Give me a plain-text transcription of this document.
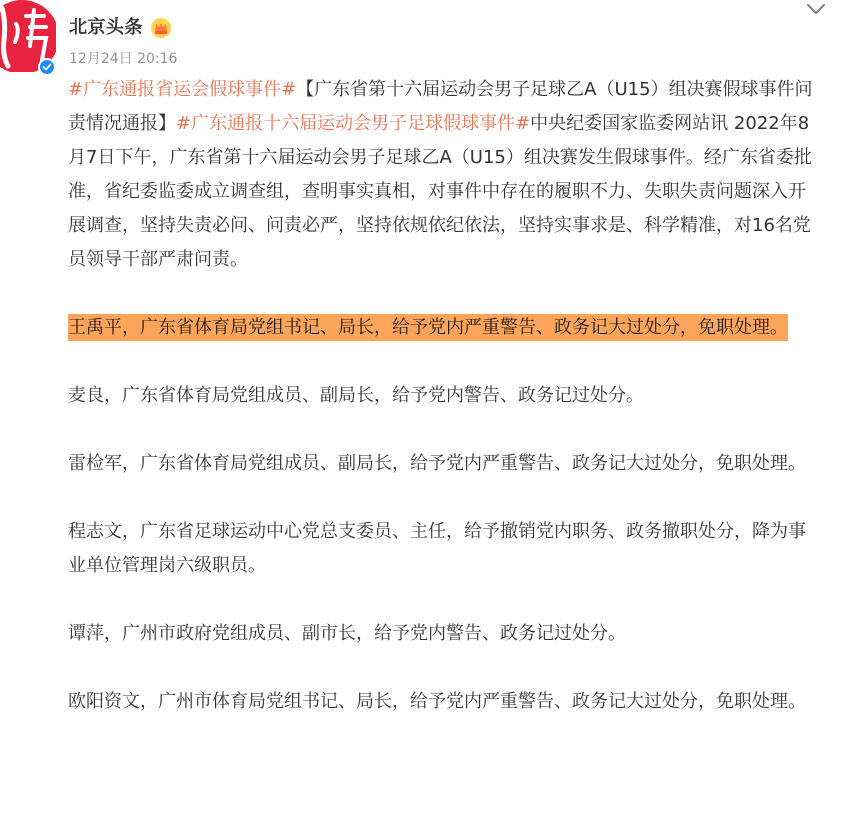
北京头条
12月24日 20:16

#广东通报省运会假球事件#【广东省第十六届运动会男子足球乙A（U15）组决赛假球事件问责情况通报】#广东通报十六届运动会男子足球假球事件#中央纪委国家监委网站讯 2022年8月7日下午，广东省第十六届运动会男子足球乙A（U15）组决赛发生假球事件。经广东省委批准，省纪委监委成立调查组，查明事实真相，对事件中存在的履职不力、失职失责问题深入开展调查，坚持失责必问、问责必严，坚持依规依纪依法，坚持实事求是、科学精准，对16名党员领导干部严肃问责。

王禹平，广东省体育局党组书记、局长，给予党内严重警告、政务记大过处分，免职处理。

麦良，广东省体育局党组成员、副局长，给予党内警告、政务记过处分。

雷检军，广东省体育局党组成员、副局长，给予党内严重警告、政务记大过处分，免职处理。

程志文，广东省足球运动中心党总支委员、主任，给予撤销党内职务、政务撤职处分，降为事业单位管理岗六级职员。

谭萍，广州市政府党组成员、副市长，给予党内警告、政务记过处分。

欧阳资文，广州市体育局党组书记、局长，给予党内严重警告、政务记大过处分，免职处理。
